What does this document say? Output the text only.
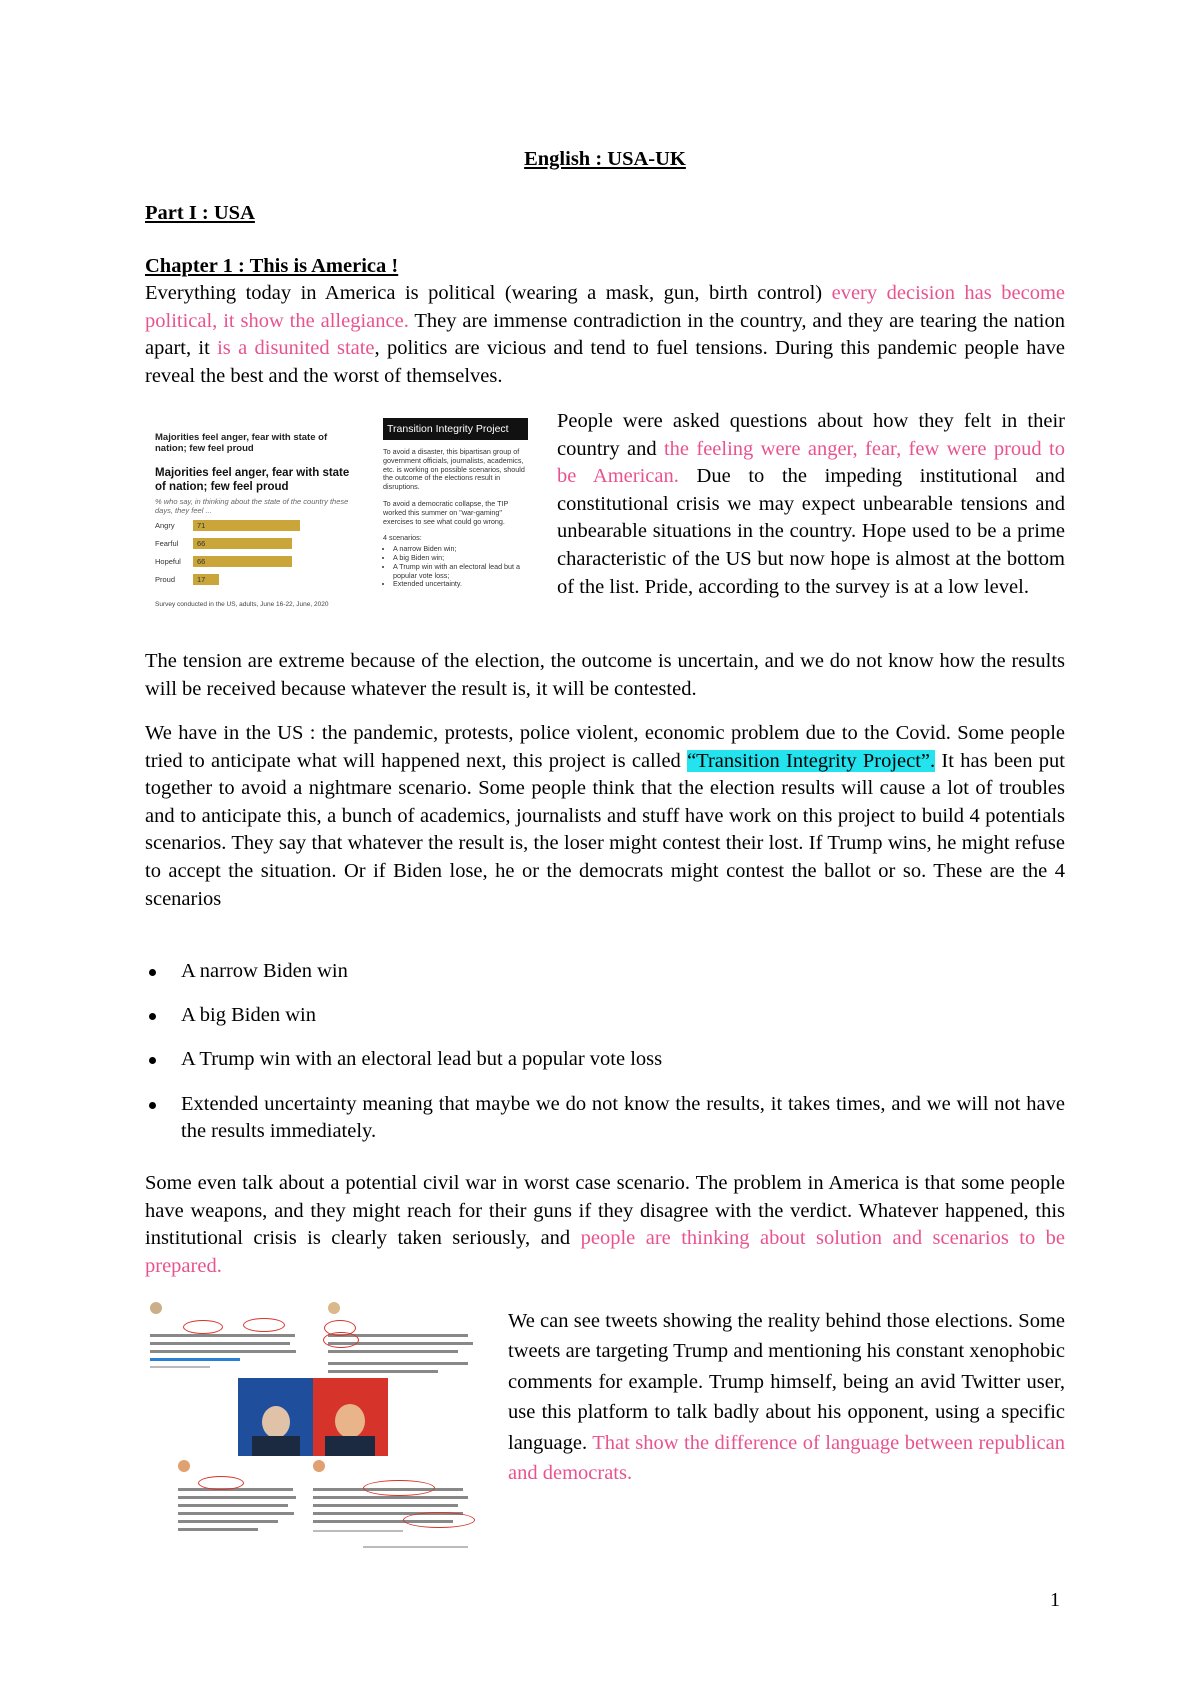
English : USA-UK
Part I : USA
Chapter 1 : This is America !

Everything today in America is political (wearing a mask, gun, birth control) every decision has become political, it show the allegiance. They are immense contradiction in the country, and they are tearing the nation apart, it is a disunited state, politics are vicious and tend to fuel tensions. During this pandemic people have reveal the best and the worst of themselves.

People were asked questions about how they felt in their country and the feeling were anger, fear, few were proud to be American. Due to the impeding institutional and constitutional crisis we may expect unbearable tensions and unbearable situations in the country. Hope used to be a prime characteristic of the US but now hope is almost at the bottom of the list. Pride, according to the survey is at a low level.

The tension are extreme because of the election, the outcome is uncertain, and we do not know how the results will be received because whatever the result is, it will be contested.

We have in the US : the pandemic, protests, police violent, economic problem due to the Covid. Some people tried to anticipate what will happened next, this project is called “Transition Integrity Project”. It has been put together to avoid a nightmare scenario. Some people think that the election results will cause a lot of troubles and to anticipate this, a bunch of academics, journalists and stuff have work on this project to build 4 potentials scenarios. They say that whatever the result is, the loser might contest their lost. If Trump wins, he might refuse to accept the situation. Or if Biden lose, he or the democrats might contest the ballot or so. These are the 4 scenarios

A narrow Biden win
A big Biden win
A Trump win with an electoral lead but a popular vote loss
Extended uncertainty meaning that maybe we do not know the results, it takes times, and we will not have the results immediately.

Some even talk about a potential civil war in worst case scenario. The problem in America is that some people have weapons, and they might reach for their guns if they disagree with the verdict. Whatever happened, this institutional crisis is clearly taken seriously, and people are thinking about solution and scenarios to be prepared.

We can see tweets showing the reality behind those elections. Some tweets are targeting Trump and mentioning his constant xenophobic comments for example. Trump himself, being an avid Twitter user, use this platform to talk badly about his opponent, using a specific language. That show the difference of language between republican and democrats.

Majorities feel anger, fear with state of nation; few feel proud
Majorities feel anger, fear with state of nation; few feel proud
% who say, in thinking about the state of the country these days, they feel ...
Angry	71
Fearful	66
Hopeful	66
Proud	17
Survey conducted in the US, adults, June 16-22, June, 2020
Transition Integrity Project
To avoid a disaster, this bipartisan group of government officials, journalists, academics, etc. is working on possible scenarios, should the outcome of the elections result in disruptions.
To avoid a democratic collapse, the TIP worked this summer on "war-gaming" exercises to see what could go wrong.
4 scenarios:
• A narrow Biden win;
• A big Biden win;
• A Trump win with an electoral lead but a popular vote loss;
• Extended uncertainty.
1
